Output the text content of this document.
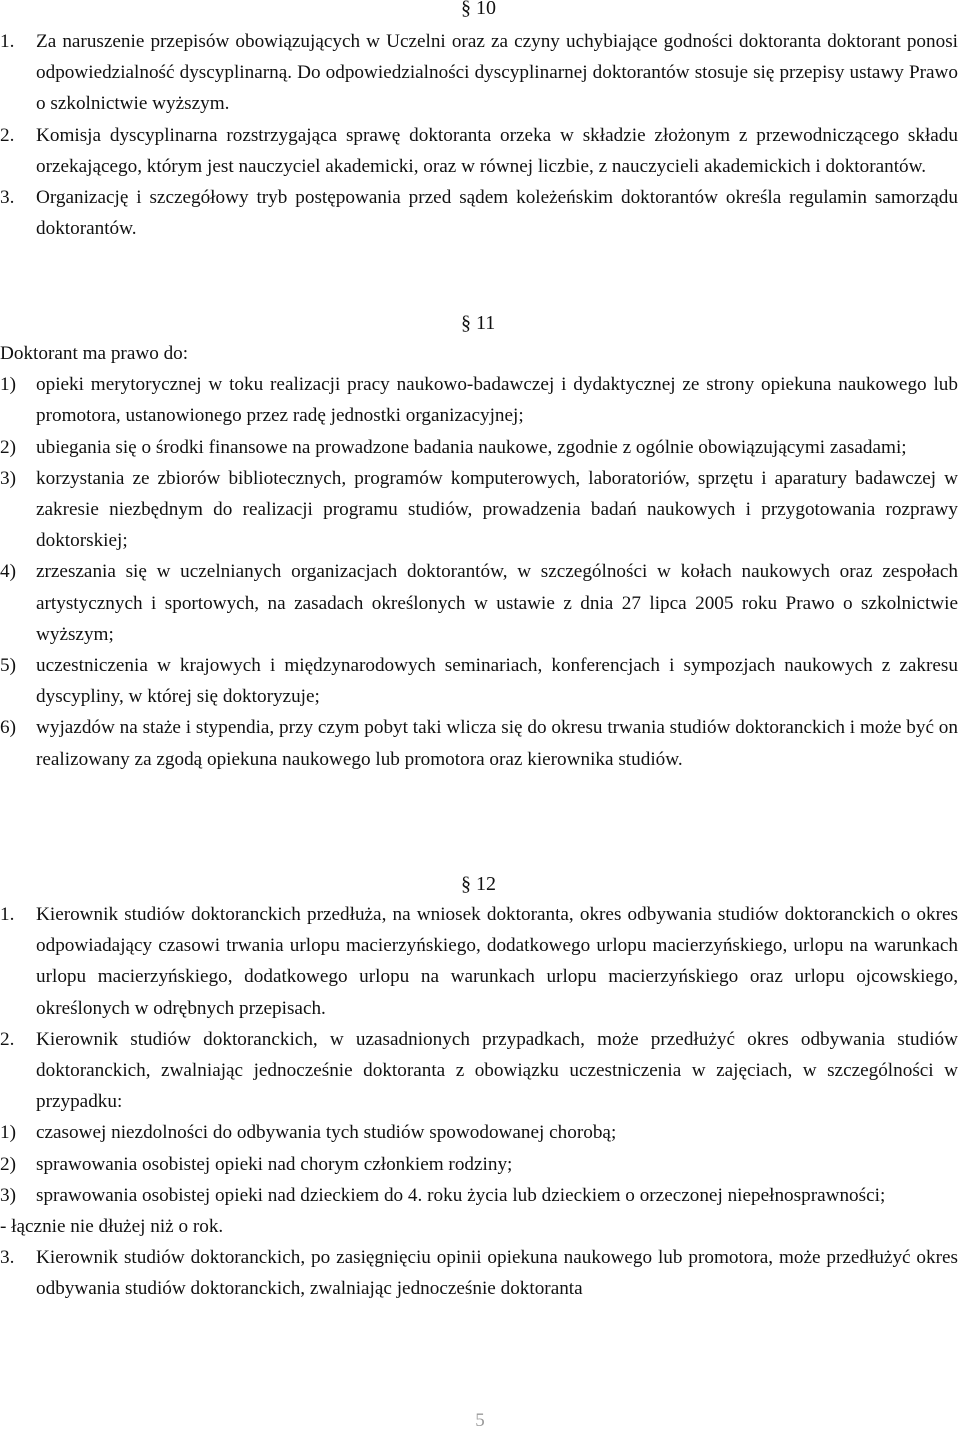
§ 10
1. Za naruszenie przepisów obowiązujących w Uczelni oraz za czyny uchybiające godności doktoranta doktorant ponosi odpowiedzialność dyscyplinarną. Do odpowiedzialności dyscyplinarnej doktorantów stosuje się przepisy ustawy Prawo o szkolnictwie wyższym.
2. Komisja dyscyplinarna rozstrzygająca sprawę doktoranta orzeka w składzie złożonym z przewodniczącego składu orzekającego, którym jest nauczyciel akademicki, oraz w równej liczbie, z nauczycieli akademickich i doktorantów.
3. Organizację i szczegółowy tryb postępowania przed sądem koleżeńskim doktorantów określa regulamin samorządu doktorantów.
§ 11
Doktorant ma prawo do:
1) opieki merytorycznej w toku realizacji pracy naukowo-badawczej i dydaktycznej ze strony opiekuna naukowego lub promotora, ustanowionego przez radę jednostki organizacyjnej;
2) ubiegania się o środki finansowe na prowadzone badania naukowe, zgodnie z ogólnie obowiązującymi zasadami;
3) korzystania ze zbiorów bibliotecznych, programów komputerowych, laboratoriów, sprzętu i aparatury badawczej w zakresie niezbędnym do realizacji programu studiów, prowadzenia badań naukowych i przygotowania rozprawy doktorskiej;
4) zrzeszania się w uczelnianych organizacjach doktorantów, w szczególności w kołach naukowych oraz zespołach artystycznych i sportowych, na zasadach określonych w ustawie z dnia 27 lipca 2005 roku Prawo o szkolnictwie wyższym;
5) uczestniczenia w krajowych i międzynarodowych seminariach, konferencjach i sympozjach naukowych z zakresu dyscypliny, w której się doktoryzuje;
6) wyjazdów na staże i stypendia, przy czym pobyt taki wlicza się do okresu trwania studiów doktoranckich i może być on realizowany za zgodą opiekuna naukowego lub promotora oraz kierownika studiów.
§ 12
1. Kierownik studiów doktoranckich przedłuża, na wniosek doktoranta, okres odbywania studiów doktoranckich o okres odpowiadający czasowi trwania urlopu macierzyńskiego, dodatkowego urlopu macierzyńskiego, urlopu na warunkach urlopu macierzyńskiego, dodatkowego urlopu na warunkach urlopu macierzyńskiego oraz urlopu ojcowskiego, określonych w odrębnych przepisach.
2. Kierownik studiów doktoranckich, w uzasadnionych przypadkach, może przedłużyć okres odbywania studiów doktoranckich, zwalniając jednocześnie doktoranta z obowiązku uczestniczenia w zajęciach, w szczególności w przypadku:
1) czasowej niezdolności do odbywania tych studiów spowodowanej chorobą;
2) sprawowania osobistej opieki nad chorym członkiem rodziny;
3) sprawowania osobistej opieki nad dzieckiem do 4. roku życia lub dzieckiem o orzeczonej niepełnosprawności;
- łącznie nie dłużej niż o rok.
3. Kierownik studiów doktoranckich, po zasięgnięciu opinii opiekuna naukowego lub promotora, może przedłużyć okres odbywania studiów doktoranckich, zwalniając jednocześnie doktoranta
5
